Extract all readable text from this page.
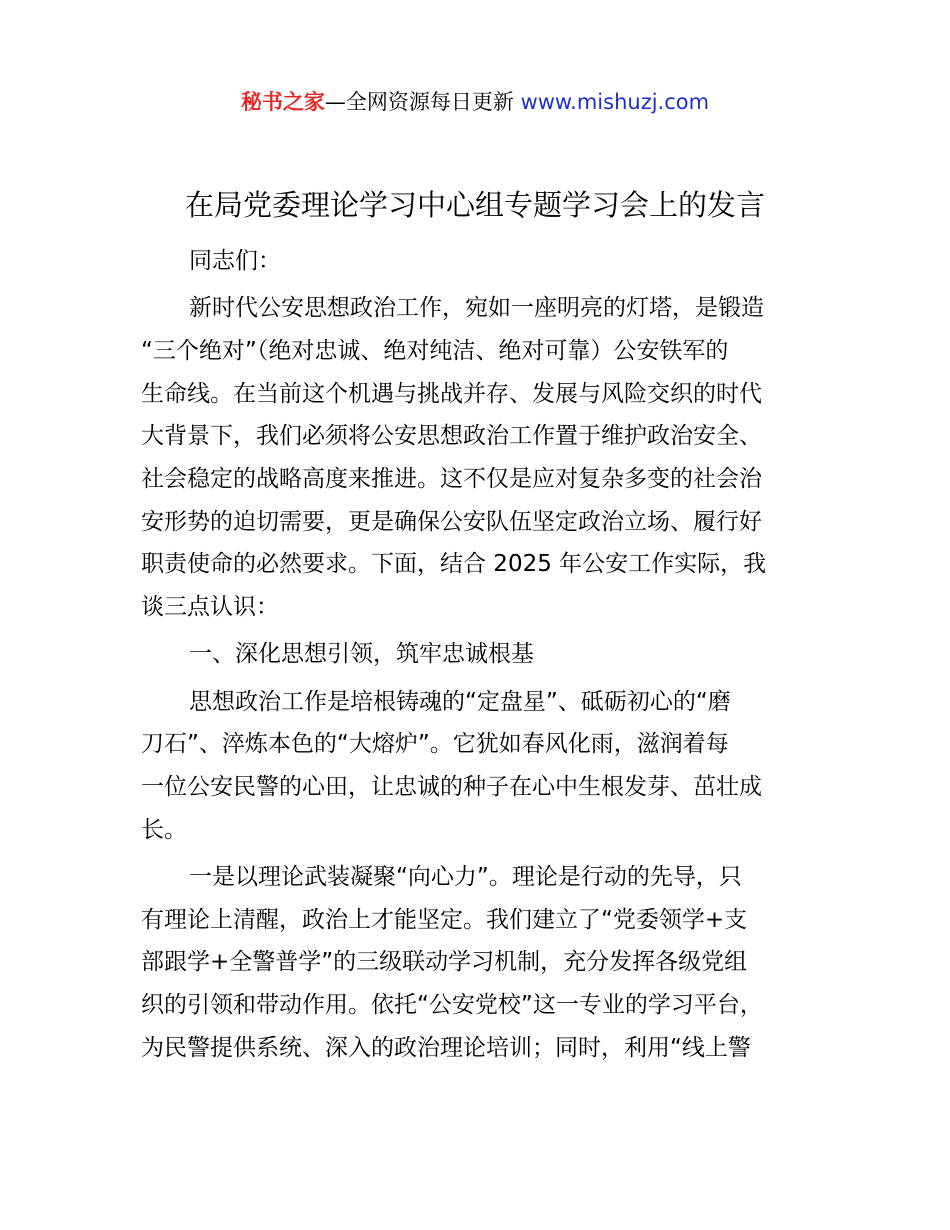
秘书之家—全网资源每日更新 www.mishuzj.com
在局党委理论学习中心组专题学习会上的发言
同志们：
新时代公安思想政治工作，宛如一座明亮的灯塔，是锻造
“三个绝对”（绝对忠诚、绝对纯洁、绝对可靠）公安铁军的
生命线。在当前这个机遇与挑战并存、发展与风险交织的时代
大背景下，我们必须将公安思想政治工作置于维护政治安全、
社会稳定的战略高度来推进。这不仅是应对复杂多变的社会治
安形势的迫切需要，更是确保公安队伍坚定政治立场、履行好
职责使命的必然要求。下面，结合 2025 年公安工作实际，我
谈三点认识：
一、深化思想引领，筑牢忠诚根基
思想政治工作是培根铸魂的“定盘星”、砥砺初心的“磨
刀石”、淬炼本色的“大熔炉”。它犹如春风化雨，滋润着每
一位公安民警的心田，让忠诚的种子在心中生根发芽、茁壮成
长。
一是以理论武装凝聚“向心力”。理论是行动的先导，只
有理论上清醒，政治上才能坚定。我们建立了“党委领学+支
部跟学+全警普学”的三级联动学习机制，充分发挥各级党组
织的引领和带动作用。依托“公安党校”这一专业的学习平台，
为民警提供系统、深入的政治理论培训；同时，利用“线上警
